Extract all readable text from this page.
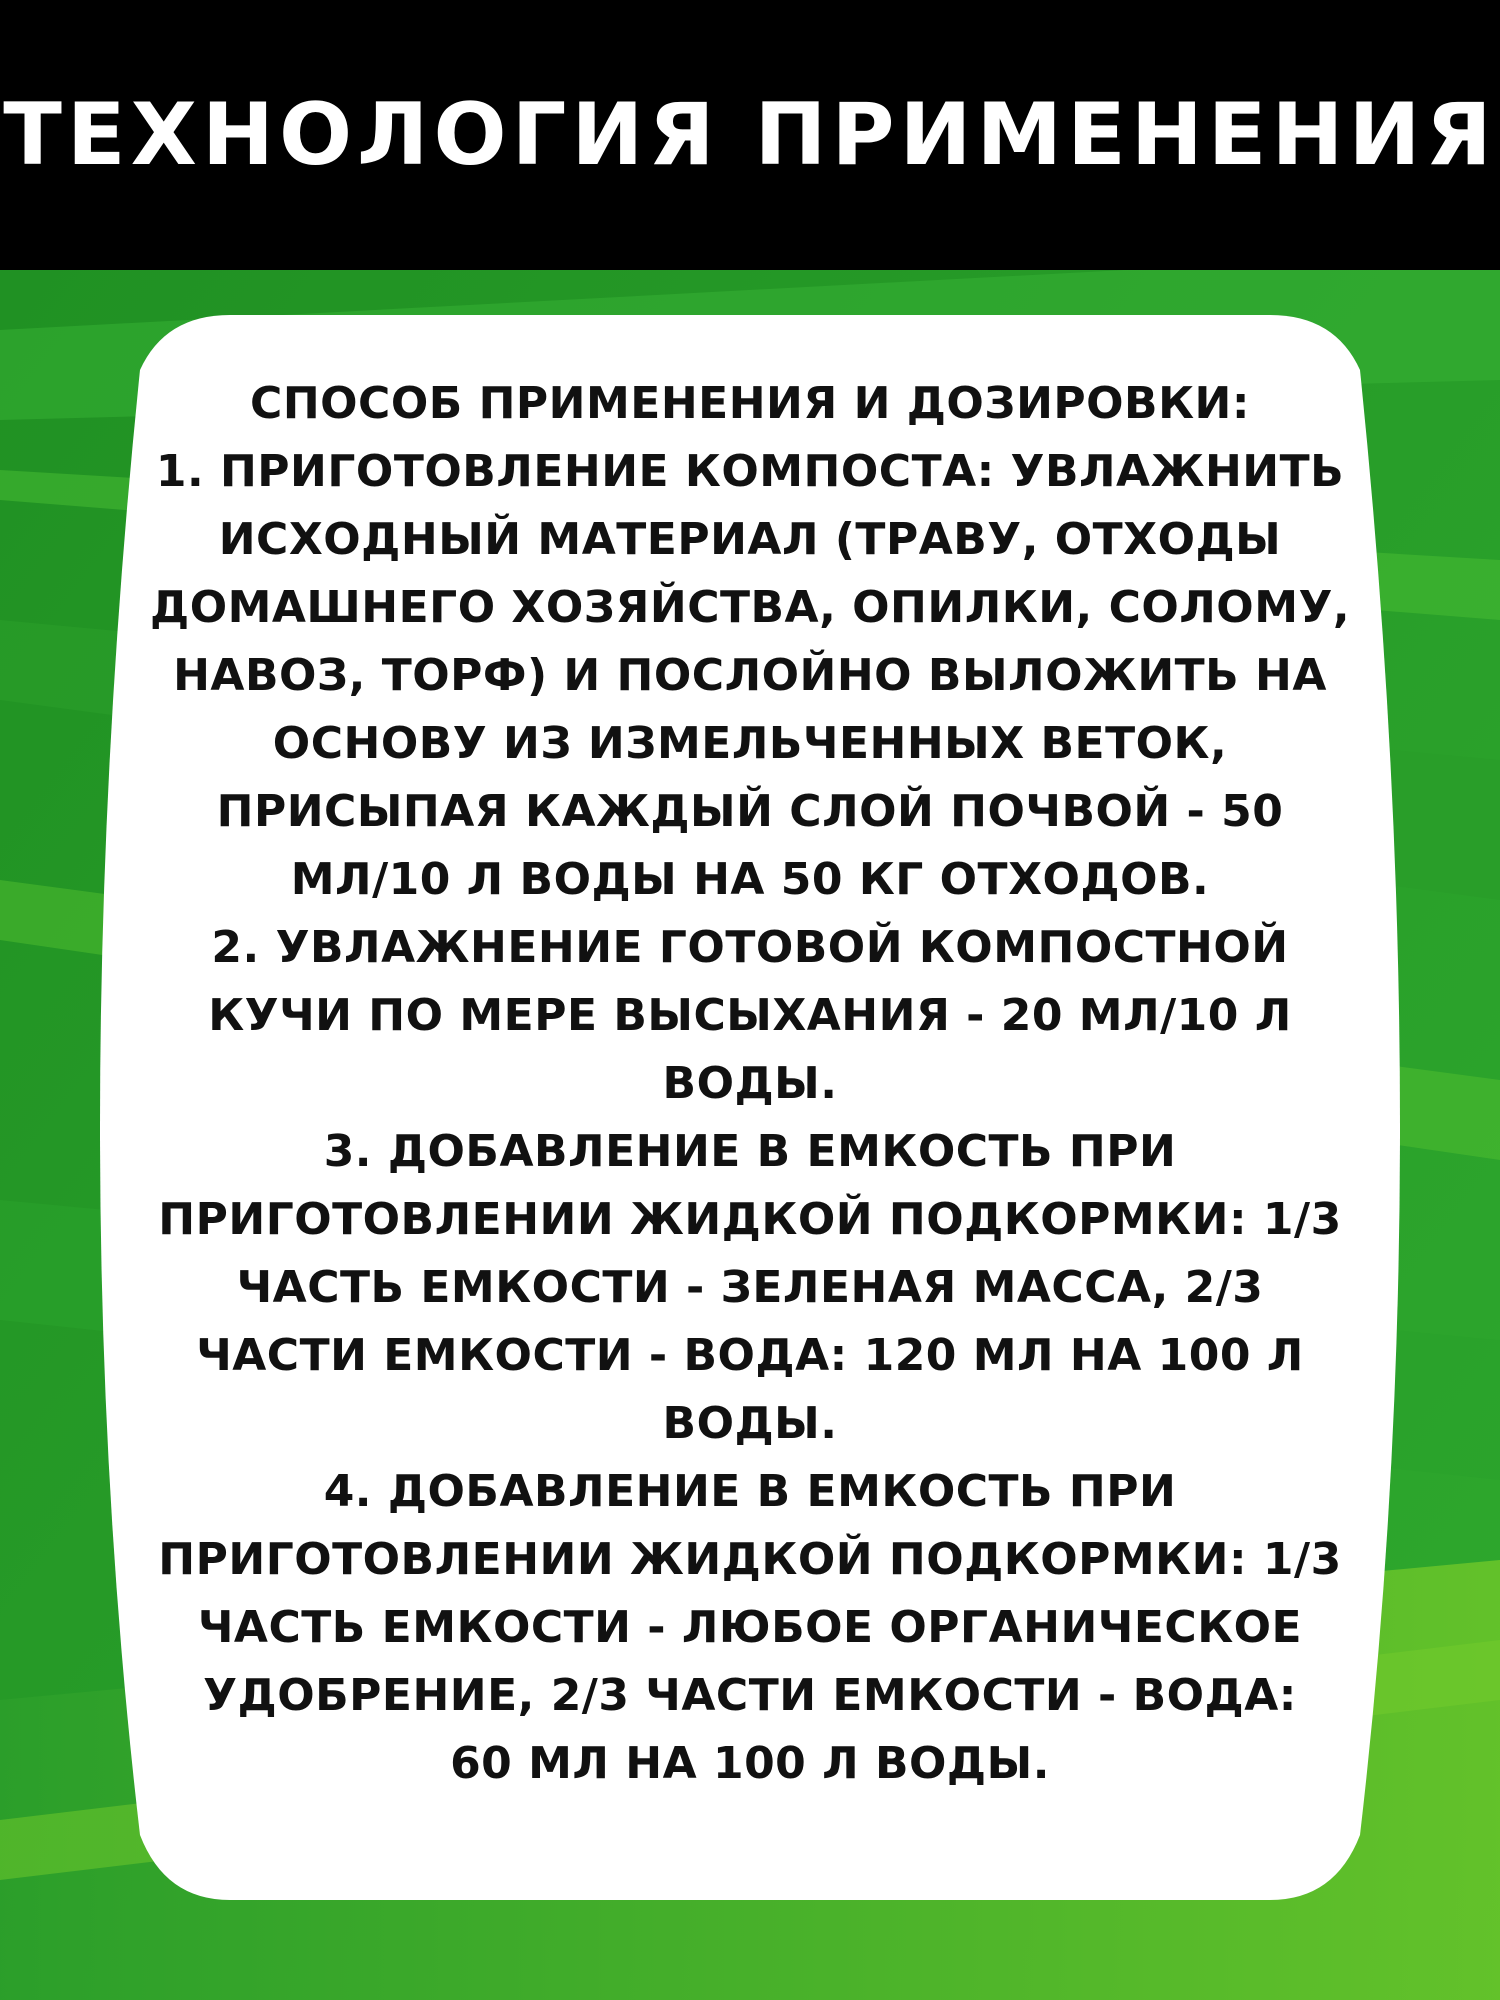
ТЕХНОЛОГИЯ ПРИМЕНЕНИЯ
СПОСОБ ПРИМЕНЕНИЯ И ДОЗИРОВКИ:
1. ПРИГОТОВЛЕНИЕ КОМПОСТА: УВЛАЖНИТЬ
ИСХОДНЫЙ МАТЕРИАЛ (ТРАВУ, ОТХОДЫ
ДОМАШНЕГО ХОЗЯЙСТВА, ОПИЛКИ, СОЛОМУ,
НАВОЗ, ТОРФ) И ПОСЛОЙНО ВЫЛОЖИТЬ НА
ОСНОВУ ИЗ ИЗМЕЛЬЧЕННЫХ ВЕТОК,
ПРИСЫПАЯ КАЖДЫЙ СЛОЙ ПОЧВОЙ - 50
МЛ/10 Л ВОДЫ НА 50 КГ ОТХОДОВ.
2. УВЛАЖНЕНИЕ ГОТОВОЙ КОМПОСТНОЙ
КУЧИ ПО МЕРЕ ВЫСЫХАНИЯ - 20 МЛ/10 Л
ВОДЫ.
3. ДОБАВЛЕНИЕ В ЕМКОСТЬ ПРИ
ПРИГОТОВЛЕНИИ ЖИДКОЙ ПОДКОРМКИ: 1/3
ЧАСТЬ ЕМКОСТИ - ЗЕЛЕНАЯ МАССА, 2/3
ЧАСТИ ЕМКОСТИ - ВОДА: 120 МЛ НА 100 Л
ВОДЫ.
4. ДОБАВЛЕНИЕ В ЕМКОСТЬ ПРИ
ПРИГОТОВЛЕНИИ ЖИДКОЙ ПОДКОРМКИ: 1/3
ЧАСТЬ ЕМКОСТИ - ЛЮБОЕ ОРГАНИЧЕСКОЕ
УДОБРЕНИЕ, 2/3 ЧАСТИ ЕМКОСТИ - ВОДА:
60 МЛ НА 100 Л ВОДЫ.
